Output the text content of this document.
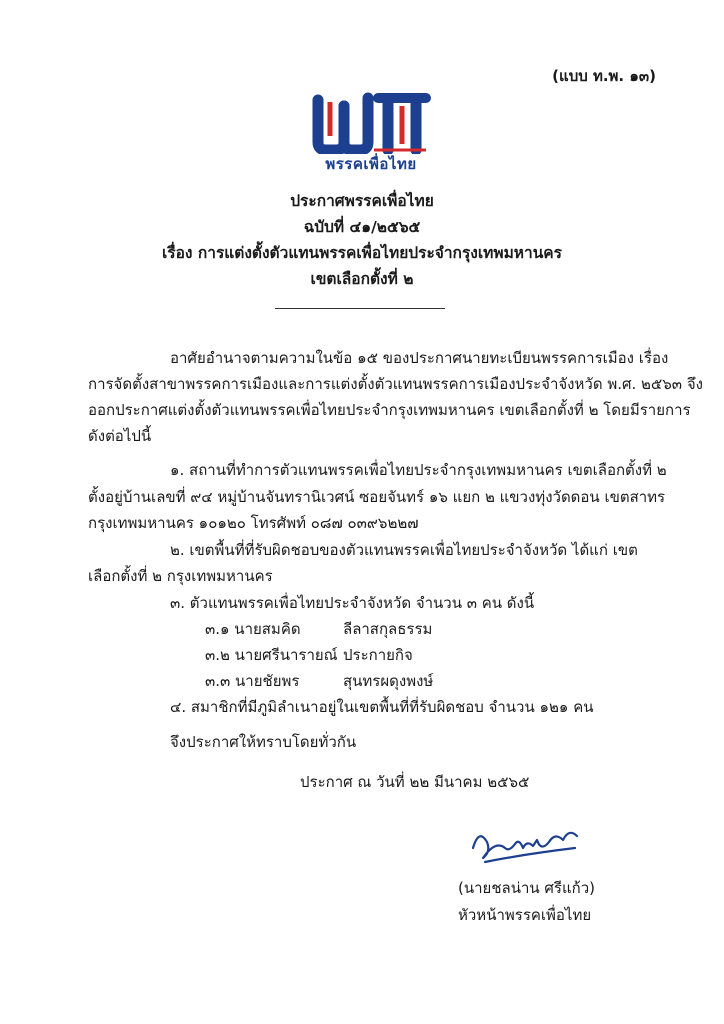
(แบบ ท.พ. ๑๓)
พรรคเพื่อไทย
ประกาศพรรคเพื่อไทย
ฉบับที่ ๔๑/๒๕๖๕
เรื่อง การแต่งตั้งตัวแทนพรรคเพื่อไทยประจำกรุงเทพมหานคร
เขตเลือกตั้งที่ ๒
อาศัยอำนาจตามความในข้อ ๑๕ ของประกาศนายทะเบียนพรรคการเมือง เรื่อง
การจัดตั้งสาขาพรรคการเมืองและการแต่งตั้งตัวแทนพรรคการเมืองประจำจังหวัด พ.ศ. ๒๕๖๓ จึง
ออกประกาศแต่งตั้งตัวแทนพรรคเพื่อไทยประจำกรุงเทพมหานคร เขตเลือกตั้งที่ ๒ โดยมีรายการ
ดังต่อไปนี้
๑. สถานที่ทำการตัวแทนพรรคเพื่อไทยประจำกรุงเทพมหานคร เขตเลือกตั้งที่ ๒
ตั้งอยู่บ้านเลขที่ ๙๔ หมู่บ้านจันทรานิเวศน์ ซอยจันทร์ ๑๖ แยก ๒ แขวงทุ่งวัดดอน เขตสาทร
กรุงเทพมหานคร ๑๐๑๒๐ โทรศัพท์ ๐๘๗ ๐๓๙๖๒๒๗
๒. เขตพื้นที่ที่รับผิดชอบของตัวแทนพรรคเพื่อไทยประจำจังหวัด ได้แก่ เขต
เลือกตั้งที่ ๒ กรุงเทพมหานคร
๓. ตัวแทนพรรคเพื่อไทยประจำจังหวัด จำนวน ๓ คน ดังนี้
๓.๑ นายสมคิด	ลีลาสกุลธรรม
๓.๒ นายศรีนารายณ์ ประกายกิจ
๓.๓ นายชัยพร	สุนทรผดุงพงษ์
๔. สมาชิกที่มีภูมิลำเนาอยู่ในเขตพื้นที่ที่รับผิดชอบ จำนวน ๑๒๑ คน
จึงประกาศให้ทราบโดยทั่วกัน
ประกาศ ณ วันที่ ๒๒ มีนาคม ๒๕๖๕
(นายชลน่าน ศรีแก้ว)
หัวหน้าพรรคเพื่อไทย
